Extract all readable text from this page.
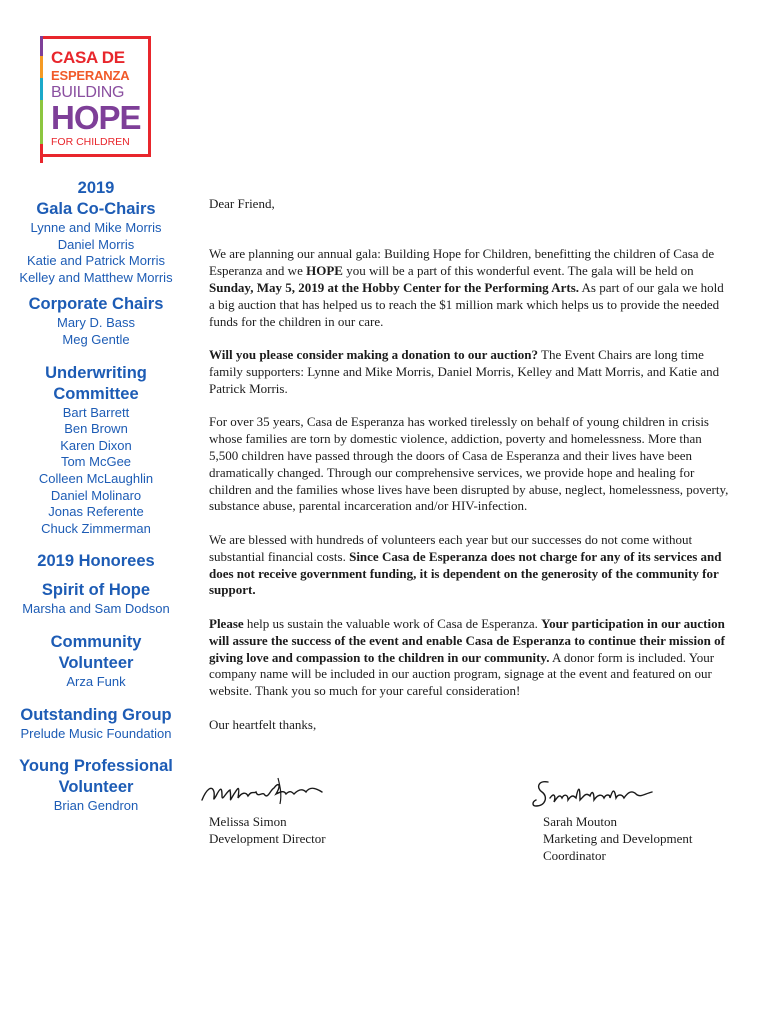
CASA DE
ESPERANZA
BUILDING
HOPE
FOR CHILDREN
2019
Gala Co-Chairs
Lynne and Mike Morris
Daniel Morris
Katie and Patrick Morris
Kelley and Matthew Morris
Corporate Chairs
Mary D. Bass
Meg Gentle
Underwriting
Committee
Bart Barrett
Ben Brown
Karen Dixon
Tom McGee
Colleen McLaughlin
Daniel Molinaro
Jonas Referente
Chuck Zimmerman
2019 Honorees
Spirit of Hope
Marsha and Sam Dodson
Community
Volunteer
Arza Funk
Outstanding Group
Prelude Music Foundation
Young Professional
Volunteer
Brian Gendron

Dear Friend,

We are planning our annual gala: Building Hope for Children, benefitting the children of Casa de Esperanza and we HOPE you will be a part of this wonderful event. The gala will be held on Sunday, May 5, 2019 at the Hobby Center for the Performing Arts. As part of our gala we hold a big auction that has helped us to reach the $1 million mark which helps us to provide the needed funds for the children in our care.

Will you please consider making a donation to our auction? The Event Chairs are long time family supporters: Lynne and Mike Morris, Daniel Morris, Kelley and Matt Morris, and Katie and Patrick Morris.

For over 35 years, Casa de Esperanza has worked tirelessly on behalf of young children in crisis whose families are torn by domestic violence, addiction, poverty and homelessness. More than 5,500 children have passed through the doors of Casa de Esperanza and their lives have been dramatically changed. Through our comprehensive services, we provide hope and healing for children and the families whose lives have been disrupted by abuse, neglect, homelessness, poverty, substance abuse, parental incarceration and/or HIV-infection.

We are blessed with hundreds of volunteers each year but our successes do not come without substantial financial costs. Since Casa de Esperanza does not charge for any of its services and does not receive government funding, it is dependent on the generosity of the community for support.

Please help us sustain the valuable work of Casa de Esperanza. Your participation in our auction will assure the success of the event and enable Casa de Esperanza to continue their mission of giving love and compassion to the children in our community. A donor form is included. Your company name will be included in our auction program, signage at the event and featured on our website. Thank you so much for your careful consideration!

Our heartfelt thanks,

Melissa Simon
Development Director
Sarah Mouton
Marketing and Development
Coordinator
